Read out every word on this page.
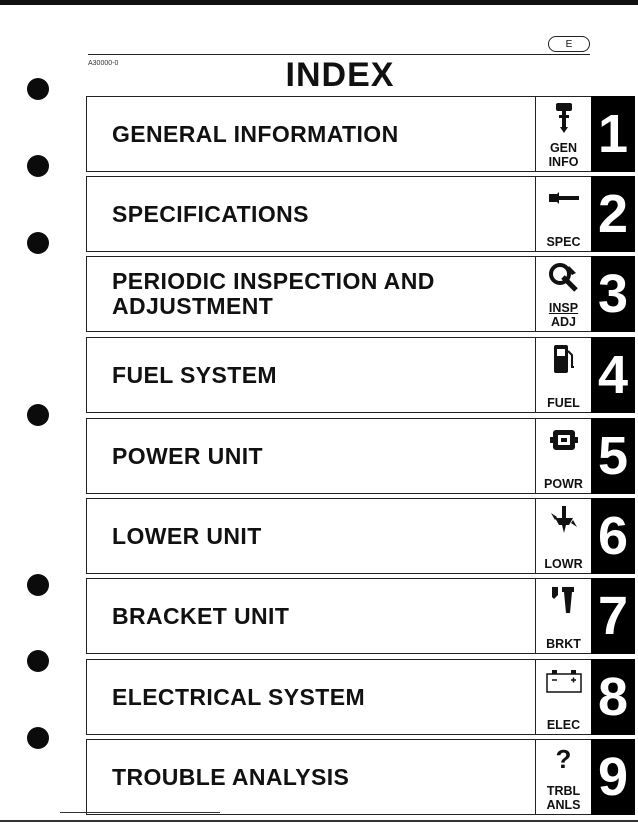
E
A30000-0	INDEX
GENERAL INFORMATION
GEN
INFO 1
SPECIFICATIONS
SPEC 2
PERIODIC INSPECTION AND ADJUSTMENT	INSP
ADJ 3
FUEL SYSTEM
FUEL 4
POWER UNIT
POWR 5
LOWER UNIT
LOWR 6
BRACKET UNIT
BRKT 7
ELECTRICAL SYSTEM
ELEC 8
TROUBLE ANALYSIS
?
TRBL
ANLS 9
